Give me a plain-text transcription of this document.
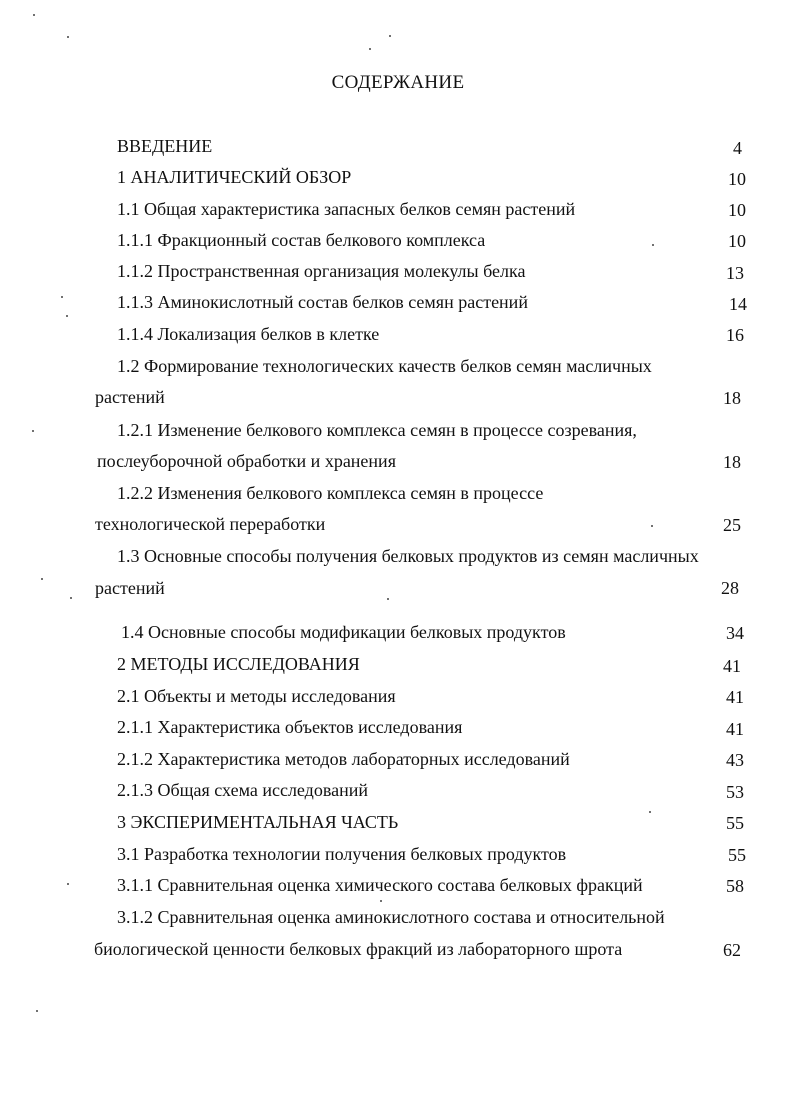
СОДЕРЖАНИЕ
ВВЕДЕНИЕ	4
1 АНАЛИТИЧЕСКИЙ ОБЗОР	10
1.1 Общая характеристика запасных белков семян растений	10
1.1.1 Фракционный состав белкового комплекса	10
1.1.2 Пространственная организация молекулы белка	13
1.1.3 Аминокислотный состав белков семян растений	14
1.1.4 Локализация белков в клетке	16
1.2 Формирование технологических качеств белков семян масличных
растений	18
1.2.1 Изменение белкового комплекса семян в процессе созревания,
послеуборочной обработки и хранения	18
1.2.2 Изменения белкового комплекса семян в процессе
технологической переработки	25
1.3 Основные способы получения белковых продуктов из семян масличных
растений	28
1.4 Основные способы модификации белковых продуктов	34
2 МЕТОДЫ ИССЛЕДОВАНИЯ	41
2.1 Объекты и методы исследования	41
2.1.1 Характеристика объектов исследования	41
2.1.2 Характеристика методов лабораторных исследований	43
2.1.3 Общая схема исследований	53
3 ЭКСПЕРИМЕНТАЛЬНАЯ ЧАСТЬ	55
3.1 Разработка технологии получения белковых продуктов	55
3.1.1 Сравнительная оценка химического состава белковых фракций	58
3.1.2 Сравнительная оценка аминокислотного состава и относительной
биологической ценности белковых фракций из лабораторного шрота	62
